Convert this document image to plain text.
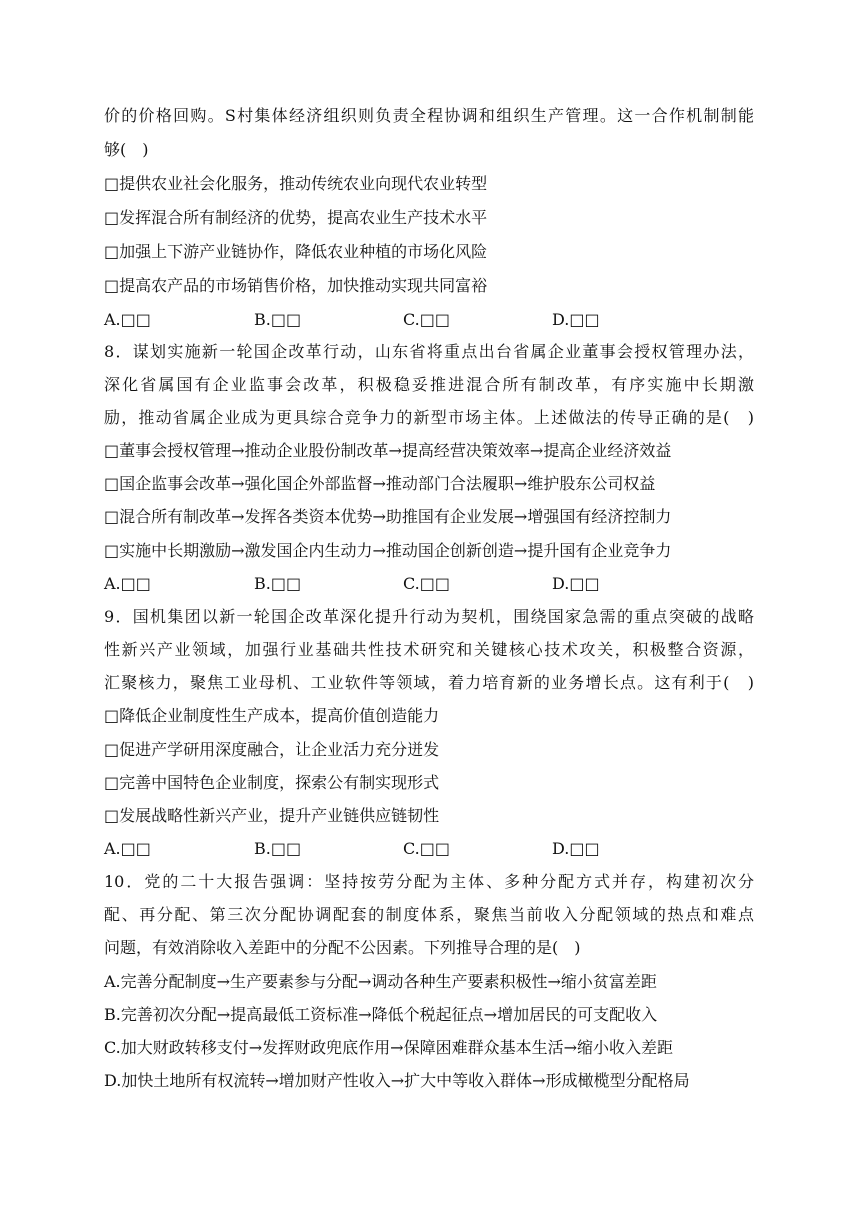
价的价格回购。S村集体经济组织则负责全程协调和组织生产管理。这一合作机制制能
够(　)
□提供农业社会化服务，推动传统农业向现代农业转型
□发挥混合所有制经济的优势，提高农业生产技术水平
□加强上下游产业链协作，降低农业种植的市场化风险
□提高农产品的市场销售价格，加快推动实现共同富裕
A.□□	B.□□	C.□□	D.□□
8．谋划实施新一轮国企改革行动，山东省将重点出台省属企业董事会授权管理办法，
深化省属国有企业监事会改革，积极稳妥推进混合所有制改革，有序实施中长期激
励，推动省属企业成为更具综合竞争力的新型市场主体。上述做法的传导正确的是(　)
□董事会授权管理→推动企业股份制改革→提高经营决策效率→提高企业经济效益
□国企监事会改革→强化国企外部监督→推动部门合法履职→维护股东公司权益
□混合所有制改革→发挥各类资本优势→助推国有企业发展→增强国有经济控制力
□实施中长期激励→激发国企内生动力→推动国企创新创造→提升国有企业竞争力
A.□□	B.□□	C.□□	D.□□
9．国机集团以新一轮国企改革深化提升行动为契机，围绕国家急需的重点突破的战略
性新兴产业领域，加强行业基础共性技术研究和关键核心技术攻关，积极整合资源，
汇聚核力，聚焦工业母机、工业软件等领域，着力培育新的业务增长点。这有利于(　)
□降低企业制度性生产成本，提高价值创造能力
□促进产学研用深度融合，让企业活力充分迸发
□完善中国特色企业制度，探索公有制实现形式
□发展战略性新兴产业，提升产业链供应链韧性
A.□□	B.□□	C.□□	D.□□
10．党的二十大报告强调：坚持按劳分配为主体、多种分配方式并存，构建初次分
配、再分配、第三次分配协调配套的制度体系，聚焦当前收入分配领域的热点和难点
问题，有效消除收入差距中的分配不公因素。下列推导合理的是(　)
A.完善分配制度→生产要素参与分配→调动各种生产要素积极性→缩小贫富差距
B.完善初次分配→提高最低工资标准→降低个税起征点→增加居民的可支配收入
C.加大财政转移支付→发挥财政兜底作用→保障困难群众基本生活→缩小收入差距
D.加快土地所有权流转→增加财产性收入→扩大中等收入群体→形成橄榄型分配格局
